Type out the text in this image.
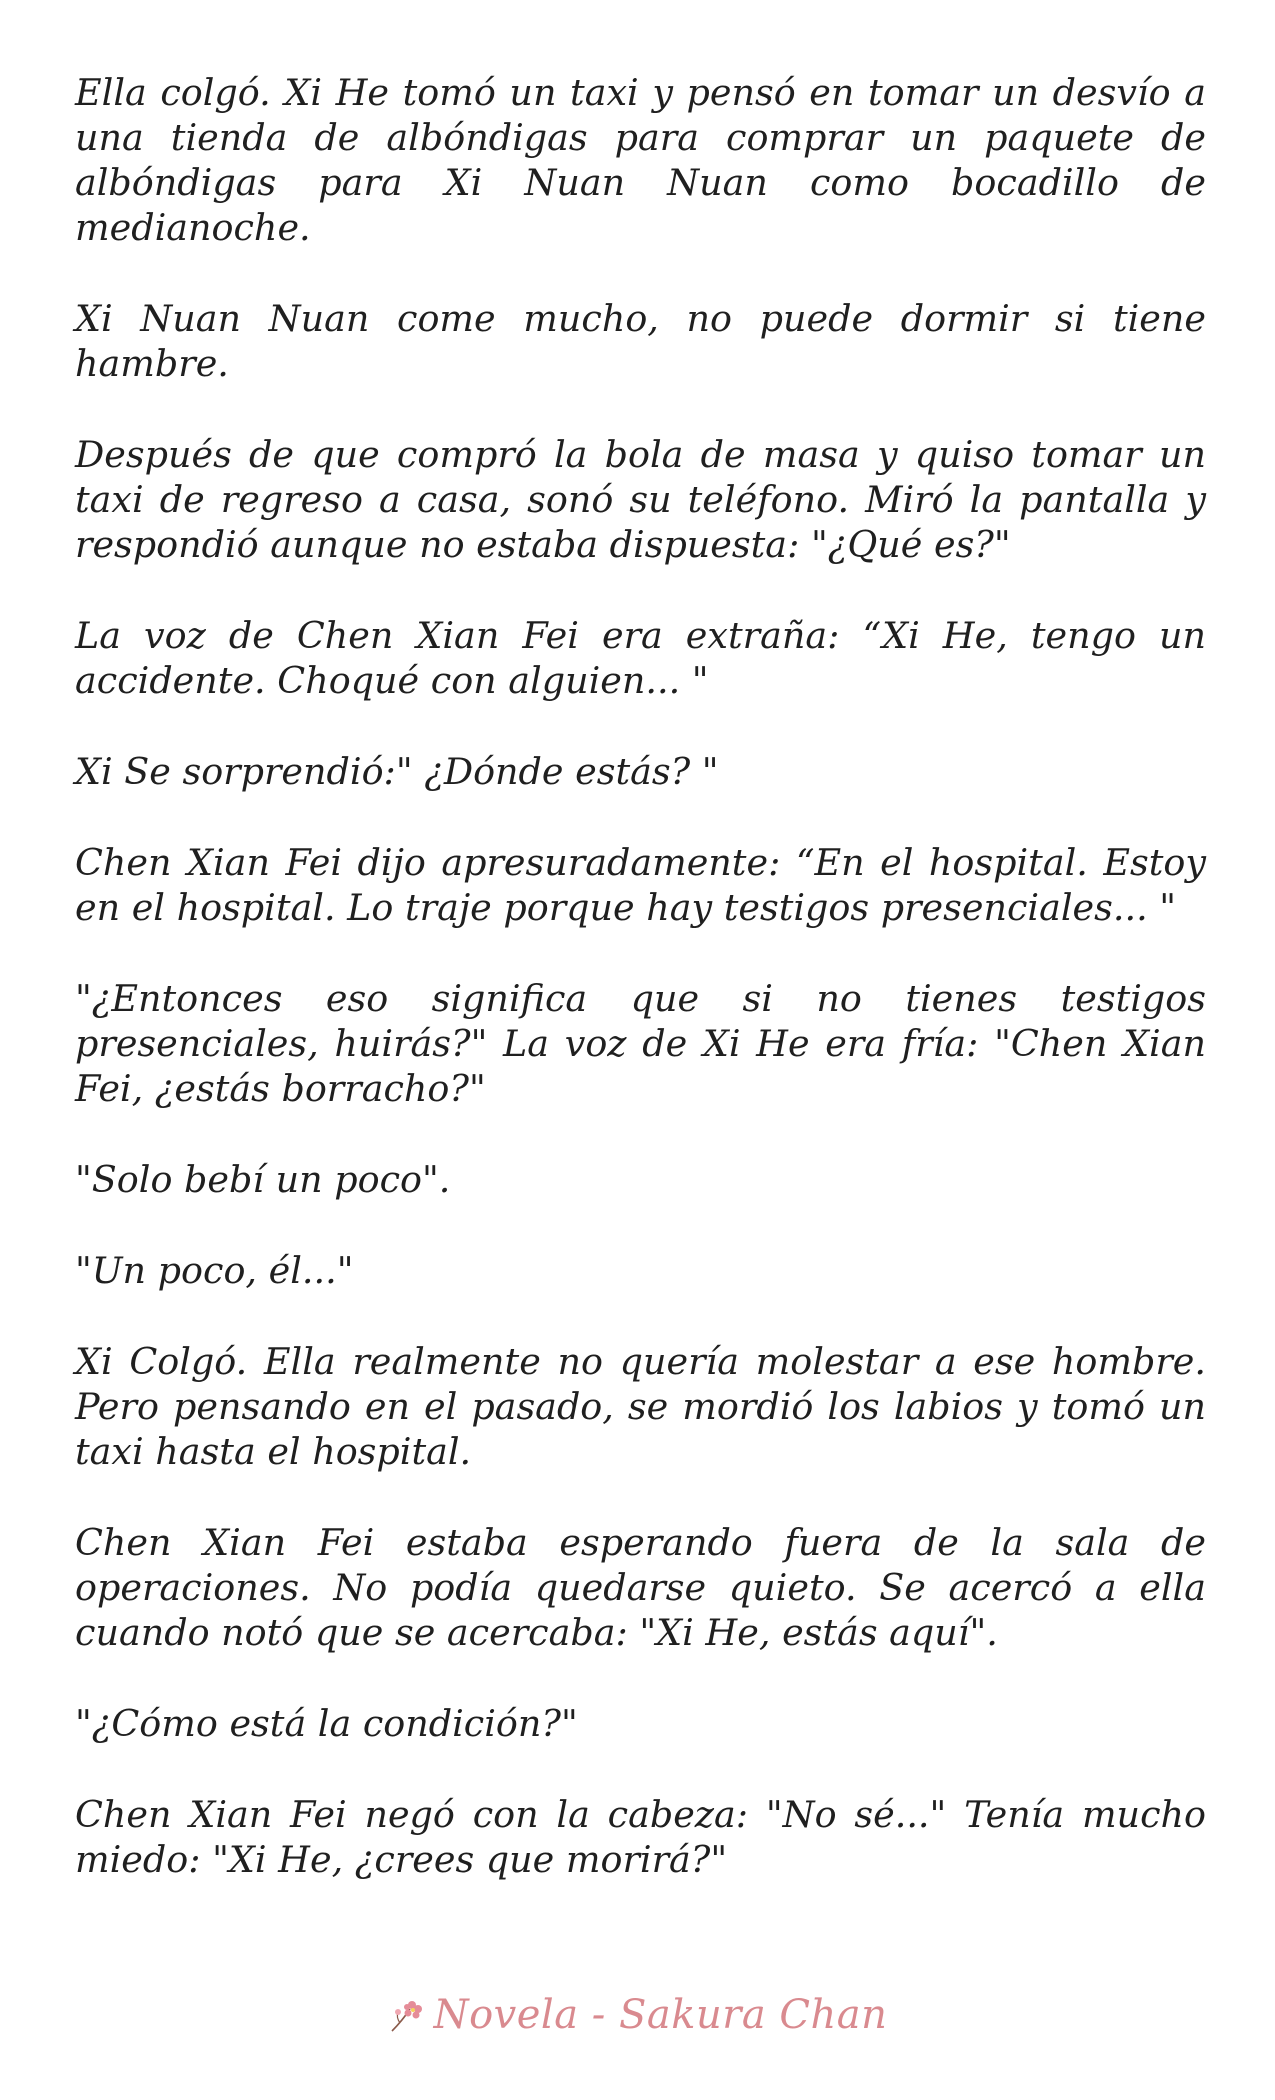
Ella colgó. Xi He tomó un taxi y pensó en tomar un desvío a una tienda de albóndigas para comprar un paquete de albóndigas para Xi Nuan Nuan como bocadillo de medianoche.

Xi Nuan Nuan come mucho, no puede dormir si tiene hambre.

Después de que compró la bola de masa y quiso tomar un taxi de regreso a casa, sonó su teléfono. Miró la pantalla y respondió aunque no estaba dispuesta: "¿Qué es?"

La voz de Chen Xian Fei era extraña: “Xi He, tengo un accidente. Choqué con alguien... "

Xi Se sorprendió:" ¿Dónde estás? "

Chen Xian Fei dijo apresuradamente: “En el hospital. Estoy en el hospital. Lo traje porque hay testigos presenciales... "

"¿Entonces eso significa que si no tienes testigos presenciales, huirás?" La voz de Xi He era fría: "Chen Xian Fei, ¿estás borracho?"

"Solo bebí un poco".

"Un poco, él..."

Xi Colgó. Ella realmente no quería molestar a ese hombre. Pero pensando en el pasado, se mordió los labios y tomó un taxi hasta el hospital.

Chen Xian Fei estaba esperando fuera de la sala de operaciones. No podía quedarse quieto. Se acercó a ella cuando notó que se acercaba: "Xi He, estás aquí".

"¿Cómo está la condición?"

Chen Xian Fei negó con la cabeza: "No sé..." Tenía mucho miedo: "Xi He, ¿crees que morirá?"

Novela - Sakura Chan
